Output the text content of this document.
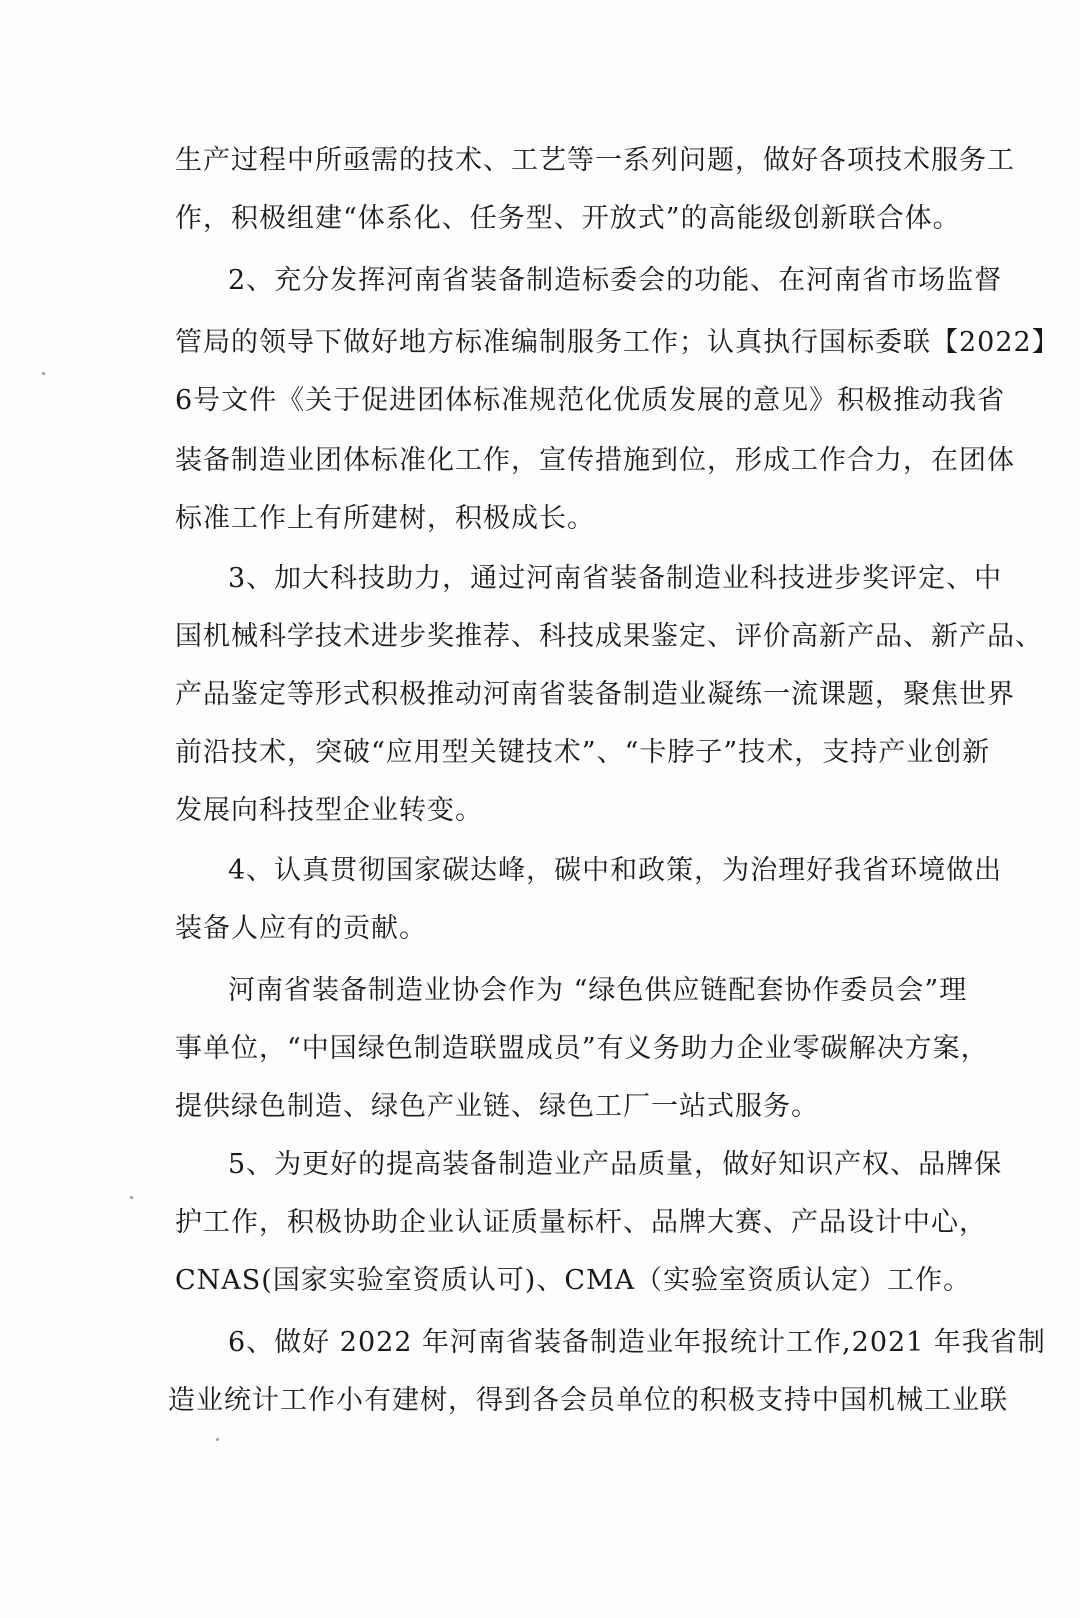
生产过程中所亟需的技术、工艺等一系列问题，做好各项技术服务工
作，积极组建“体系化、任务型、开放式”的高能级创新联合体。
2、充分发挥河南省装备制造标委会的功能、在河南省市场监督
管局的领导下做好地方标准编制服务工作；认真执行国标委联【2022】
6号文件《关于促进团体标准规范化优质发展的意见》积极推动我省
装备制造业团体标准化工作，宣传措施到位，形成工作合力，在团体
标准工作上有所建树，积极成长。
3、加大科技助力，通过河南省装备制造业科技进步奖评定、中
国机械科学技术进步奖推荐、科技成果鉴定、评价高新产品、新产品、
产品鉴定等形式积极推动河南省装备制造业凝练一流课题，聚焦世界
前沿技术，突破“应用型关键技术”、“卡脖子”技术，支持产业创新
发展向科技型企业转变。
4、认真贯彻国家碳达峰，碳中和政策，为治理好我省环境做出
装备人应有的贡献。
河南省装备制造业协会作为 “绿色供应链配套协作委员会”理
事单位，“中国绿色制造联盟成员”有义务助力企业零碳解决方案，
提供绿色制造、绿色产业链、绿色工厂一站式服务。
5、为更好的提高装备制造业产品质量，做好知识产权、品牌保
护工作，积极协助企业认证质量标杆、品牌大赛、产品设计中心，
CNAS(国家实验室资质认可)、CMA（实验室资质认定）工作。
6、做好 2022 年河南省装备制造业年报统计工作,2021 年我省制
造业统计工作小有建树，得到各会员单位的积极支持中国机械工业联
